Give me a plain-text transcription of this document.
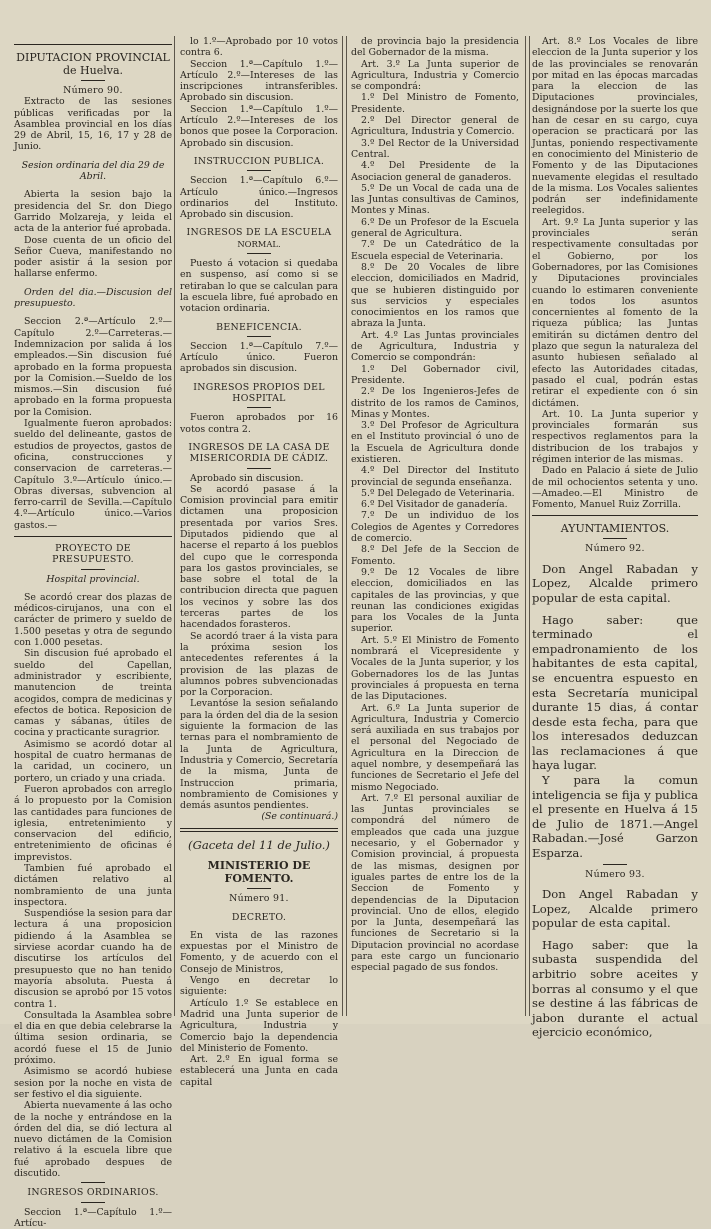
DIPUTACION PROVINCIAL

de Huelva.

Número 90.

Extracto de las sesiones públicas verificadas por la Asamblea provincial en los días 29 de Abril, 15, 16, 17 y 28 de Junio.

Sesion ordinaria del dia 29 de Abril.

Abierta la sesion bajo la presidencia del Sr. don Diego Garrido Molzareja, y leida el acta de la anterior fué aprobada.

Dose cuenta de un oficio del Señor Cueva, manifestando no poder asistir á la sesion por hallarse enfermo.

Orden del dia.—Discusion del presupuesto.

Seccion 2.ª—Artículo 2.º—Capítulo 2.º—Carreteras.—Indemnizacion por salida á los empleados.—Sin discusion fué aprobado en la forma propuesta por la Comision.—Sueldo de los mismos.—Sin discusion fué aprobado en la forma propuesta por la Comision.

Igualmente fueron aprobados: sueldo del delineante, gastos de estudios de proyectos, gastos de oficina, construcciones y conservacion de carreteras.—Capítulo 3.º—Artículo único.—Obras diversas, subvencion al ferro-carril de Sevilla.—Capítulo 4.º—Artículo único.—Varios gastos.—

PROYECTO DE PRESUPUESTO.

Hospital provincial.

Se acordó crear dos plazas de médicos-cirujanos, una con el carácter de primero y sueldo de 1.500 pesetas y otra de segundo con 1.000 pesetas.

Sin discusion fué aprobado el sueldo del Capellan, administrador y escribiente, manutencion de treinta acogidos, compra de medicinas y efectos de botica. Reposicion de camas y sábanas, útiles de cocina y practicante suragrior.

Asimismo se acordó dotar al hospital de cuatro hermanas de la caridad, un cocinero, un portero, un criado y una criada.

Fueron aprobados con arreglo á lo propuesto por la Comision las cantidades para funciones de iglesia, entretenimiento y conservacion del edificio, entretenimiento de oficinas é imprevistos.

Tambien fué aprobado el dictámen relativo al nombramiento de una junta inspectora.

Suspendióse la sesion para dar lectura á una proposicion pidiendo á la Asamblea se sirviese acordar cuando ha de discutirse los artículos del presupuesto que no han tenido mayoría absoluta. Puesta á discusion se aprobó por 15 votos contra 1.

Consultada la Asamblea sobre el dia en que debia celebrarse la última sesion ordinaria, se acordó fuese el 15 de Junio próximo.

Asimismo se acordó hubiese sesion por la noche en vista de ser festivo el dia siguiente.

Abierta nuevamente á las ocho de la noche y entrándose en la órden del dia, se dió lectura al nuevo dictámen de la Comision relativo á la escuela libre que fué aprobado despues de discutido.

INGRESOS ORDINARIOS.

Seccion 1.ª—Capítulo 1.º—Artícu-

lo 1.º—Aprobado por 10 votos contra 6.

Seccion 1.ª—Capítulo 1.º—Artículo 2.º—Intereses de las inscripciones intransferibles. Aprobado sin discusion.

Seccion 1.ª—Capítulo 1.º—Artículo 2.º—Intereses de los bonos que posee la Corporacion. Aprobado sin discusion.

INSTRUCCION PUBLICA.

Seccion 1.ª—Capítulo 6.º—Artículo único.—Ingresos ordinarios del Instituto. Aprobado sin discusion.

INGRESOS DE LA ESCUELA

NORMAL.

Puesto á votacion si quedaba en suspenso, así como si se retiraban lo que se calculan para la escuela libre, fué aprobado en votacion ordinaria.

BENEFICENCIA.

Seccion 1.ª—Capítulo 7.º—Artículo único. Fueron aprobados sin discusion.

INGRESOS PROPIOS DEL HOSPITAL

Fueron aprobados por 16 votos contra 2.

INGRESOS DE LA CASA DE MISERICORDIA DE CÁDIZ.

Aprobado sin discusion.

Se acordó pasase á la Comision provincial para emitir dictamen una proposicion presentada por varios Sres. Diputados pidiendo que al hacerse el reparto á los pueblos del cupo que le corresponda para los gastos provinciales, se base sobre el total de la contribucion directa que paguen los vecinos y sobre las dos terceras partes de los hacendados forasteros.

Se acordó traer á la vista para la próxima sesion los antecedentes referentes á la provision de las plazas de alumnos pobres subvencionadas por la Corporacion.

Levantóse la sesion señalando para la órden del dia de la sesion siguiente la formacion de las ternas para el nombramiento de la Junta de Agricultura, Industria y Comercio, Secretaría de la misma, Junta de Instruccion primaria, nombramiento de Comisiones y demás asuntos pendientes.

(Se continuará.)

(Gaceta del 11 de Julio.)

MINISTERIO DE FOMENTO.

Número 91.

DECRETO.

En vista de las razones expuestas por el Ministro de Fomento, y de acuerdo con el Consejo de Ministros,

Vengo en decretar lo siguiente:

Artículo 1.º Se establece en Madrid una Junta superior de Agricultura, Industria y Comercio bajo la dependencia del Ministerio de Fomento.

Art. 2.º En igual forma se establecerá una Junta en cada capital

de provincia bajo la presidencia del Gobernador de la misma.

Art. 3.º La Junta superior de Agricultura, Industria y Comercio se compondrá:

1.º Del Ministro de Fomento, Presidente.

2.º Del Director general de Agricultura, Industria y Comercio.

3.º Del Rector de la Universidad Central.

4.º Del Presidente de la Asociacion general de ganaderos.

5.º De un Vocal de cada una de las Juntas consultivas de Caminos, Montes y Minas.

6.º De un Profesor de la Escuela general de Agricultura.

7.º De un Catedrático de la Escuela especial de Veterinaria.

8.º De 20 Vocales de libre eleccion, domiciliados en Madrid, que se hubieren distinguido por sus servicios y especiales conocimientos en los ramos que abraza la Junta.

Art. 4.º Las Juntas provinciales de Agricultura, Industria y Comercio se compondrán:

1.º Del Gobernador civil, Presidente.

2.º De los Ingenieros-Jefes de distrito de los ramos de Caminos, Minas y Montes.

3.º Del Profesor de Agricultura en el Instituto provincial ó uno de la Escuela de Agricultura donde existieren.

4.º Del Director del Instituto provincial de segunda enseñanza.

5.º Del Delegado de Veterinaria.

6.º Del Visitador de ganadería.

7.º De un individuo de los Colegios de Agentes y Corredores de comercio.

8.º Del Jefe de la Seccion de Fomento.

9.º De 12 Vocales de libre eleccion, domiciliados en las capitales de las provincias, y que reunan las condiciones exigidas para los Vocales de la Junta superior.

Art. 5.º El Ministro de Fomento nombrará el Vicepresidente y Vocales de la Junta superior, y los Gobernadores los de las Juntas provinciales á propuesta en terna de las Diputaciones.

Art. 6.º La Junta superior de Agricultura, Industria y Comercio será auxiliada en sus trabajos por el personal del Negociado de Agricultura en la Direccion de aquel nombre, y desempeñará las funciones de Secretario el Jefe del mismo Negociado.

Art. 7.º El personal auxiliar de las Juntas provinciales se compondrá del número de empleados que cada una juzgue necesario, y el Gobernador y Comision provincial, á propuesta de las mismas, designen por iguales partes de entre los de la Seccion de Fomento y dependencias de la Diputacion provincial. Uno de ellos, elegido por la Junta, desempeñará las funciones de Secretario si la Diputacion provincial no acordase para este cargo un funcionario especial pagado de sus fondos.

Art. 8.º Los Vocales de libre eleccion de la Junta superior y los de las provinciales se renovarán por mitad en las épocas marcadas para la eleccion de las Diputaciones provinciales, designándose por la suerte los que han de cesar en su cargo, cuya operacion se practicará por las Juntas, poniendo respectivamente en conocimiento del Ministerio de Fomento y de las Diputaciones nuevamente elegidas el resultado de la misma. Los Vocales salientes podrán ser indefinidamente reelegidos.

Art. 9.º La Junta superior y las provinciales serán respectivamente consultadas por el Gobierno, por los Gobernadores, por las Comisiones y Diputaciones provinciales cuando lo estimaren conveniente en todos los asuntos concernientes al fomento de la riqueza pública; las Juntas emitirán su dictámen dentro del plazo que segun la naturaleza del asunto hubiesen señalado al efecto las Autoridades citadas, pasado el cual, podrán estas retirar el expediente con ó sin dictámen.

Art. 10. La Junta superior y provinciales formarán sus respectivos reglamentos para la distribucion de los trabajos y régimen interior de las mismas.

Dado en Palacio á siete de Julio de mil ochocientos setenta y uno.—Amadeo.—El Ministro de Fomento, Manuel Ruiz Zorrilla.

AYUNTAMIENTOS.

Número 92.

Don Angel Rabadan y Lopez, Alcalde primero popular de esta capital.

Hago saber: que terminado el empadronamiento de los habitantes de esta capital, se encuentra espuesto en esta Secretaría municipal durante 15 dias, á contar desde esta fecha, para que los interesados deduzcan las reclamaciones á que haya lugar.

Y para la comun inteligencia se fija y publica el presente en Huelva á 15 de Julio de 1871.—Angel Rabadan.—José Garzon Esparza.

Número 93.

Don Angel Rabadan y Lopez, Alcalde primero popular de esta capital.

Hago saber: que la subasta suspendida del arbitrio sobre aceites y borras al consumo y el que se destine á las fábricas de jabon durante el actual ejercicio económico,
